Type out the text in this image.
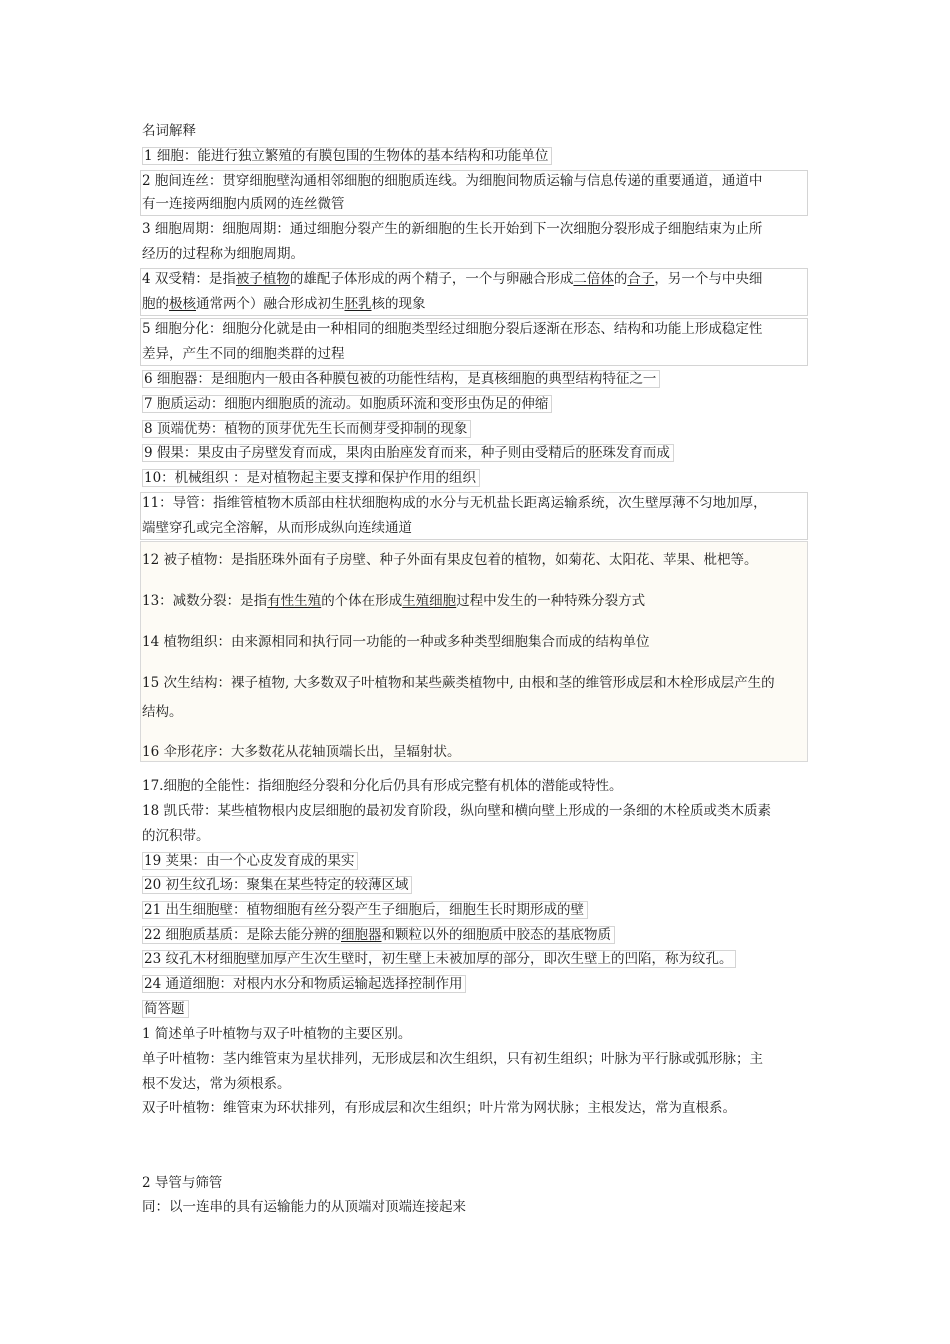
名词解释
1 细胞：能进行独立繁殖的有膜包围的生物体的基本结构和功能单位
2 胞间连丝：贯穿细胞壁沟通相邻细胞的细胞质连线。为细胞间物质运输与信息传递的重要通道，通道中
有一连接两细胞内质网的连丝微管
3 细胞周期：细胞周期：通过细胞分裂产生的新细胞的生长开始到下一次细胞分裂形成子细胞结束为止所
经历的过程称为细胞周期。
4 双受精：是指被子植物的雄配子体形成的两个精子，一个与卵融合形成二倍体的合子，另一个与中央细
胞的极核通常两个）融合形成初生胚乳核的现象
5 细胞分化：细胞分化就是由一种相同的细胞类型经过细胞分裂后逐渐在形态、结构和功能上形成稳定性
差异，产生不同的细胞类群的过程
6 细胞器：是细胞内一般由各种膜包被的功能性结构，是真核细胞的典型结构特征之一
7 胞质运动：细胞内细胞质的流动。如胞质环流和变形虫伪足的伸缩
8 顶端优势：植物的顶芽优先生长而侧芽受抑制的现象
9 假果：果皮由子房壁发育而成，果肉由胎座发育而来，种子则由受精后的胚珠发育而成
10：机械组织 ：是对植物起主要支撑和保护作用的组织
11：导管：指维管植物木质部由柱状细胞构成的水分与无机盐长距离运输系统，次生壁厚薄不匀地加厚，
端壁穿孔或完全溶解，从而形成纵向连续通道
12 被子植物：是指胚珠外面有子房壁、种子外面有果皮包着的植物，如菊花、太阳花、苹果、枇杷等。
13：减数分裂：是指有性生殖的个体在形成生殖细胞过程中发生的一种特殊分裂方式
14 植物组织：由来源相同和执行同一功能的一种或多种类型细胞集合而成的结构单位
15 次生结构：裸子植物, 大多数双子叶植物和某些蕨类植物中, 由根和茎的维管形成层和木栓形成层产生的
结构。
16 伞形花序：大多数花从花轴顶端长出，呈辐射状。
17.细胞的全能性：指细胞经分裂和分化后仍具有形成完整有机体的潜能或特性。
18 凯氏带：某些植物根内皮层细胞的最初发育阶段，纵向壁和横向壁上形成的一条细的木栓质或类木质素
的沉积带。
19 荚果：由一个心皮发育成的果实
20 初生纹孔场：聚集在某些特定的较薄区域
21 出生细胞壁：植物细胞有丝分裂产生子细胞后，细胞生长时期形成的壁
22 细胞质基质：是除去能分辨的细胞器和颗粒以外的细胞质中胶态的基底物质
23 纹孔木材细胞壁加厚产生次生壁时，初生壁上未被加厚的部分，即次生壁上的凹陷，称为纹孔。
24 通道细胞：对根内水分和物质运输起选择控制作用
简答题
1 简述单子叶植物与双子叶植物的主要区别。
单子叶植物：茎内维管束为星状排列，无形成层和次生组织，只有初生组织；叶脉为平行脉或弧形脉；主
根不发达，常为须根系。
双子叶植物：维管束为环状排列，有形成层和次生组织；叶片常为网状脉；主根发达，常为直根系。
2 导管与筛管
同：以一连串的具有运输能力的从顶端对顶端连接起来
